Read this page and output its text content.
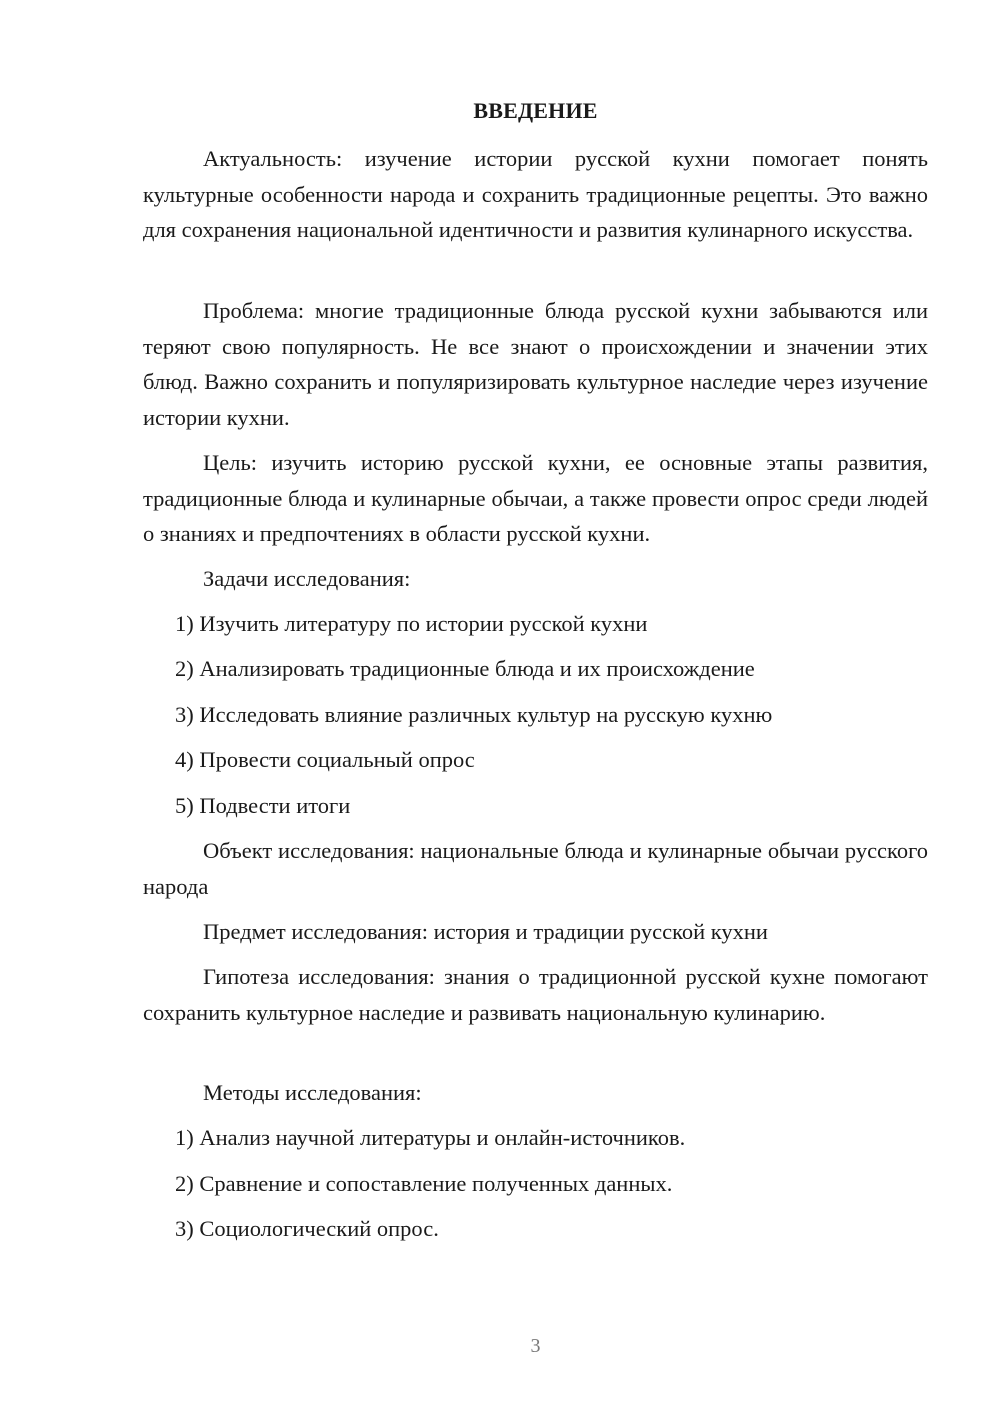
ВВЕДЕНИЕ

Актуальность: изучение истории русской кухни помогает понять культурные особенности народа и сохранить традиционные рецепты. Это важно для сохранения национальной идентичности и развития кулинарного искусства.

Проблема: многие традиционные блюда русской кухни забываются или теряют свою популярность. Не все знают о происхождении и значении этих блюд. Важно сохранить и популяризировать культурное наследие через изучение истории кухни.

Цель: изучить историю русской кухни, ее основные этапы развития, традиционные блюда и кулинарные обычаи, а также провести опрос среди людей о знаниях и предпочтениях в области русской кухни.

Задачи исследования:
1) Изучить литературу по истории русской кухни
2) Анализировать традиционные блюда и их происхождение
3) Исследовать влияние различных культур на русскую кухню
4) Провести социальный опрос
5) Подвести итоги

Объект исследования: национальные блюда и кулинарные обычаи русского народа

Предмет исследования: история и традиции русской кухни

Гипотеза исследования: знания о традиционной русской кухне помогают сохранить культурное наследие и развивать национальную кулинарию.

Методы исследования:
1) Анализ научной литературы и онлайн-источников.
2) Сравнение и сопоставление полученных данных.
3) Социологический опрос.
3
